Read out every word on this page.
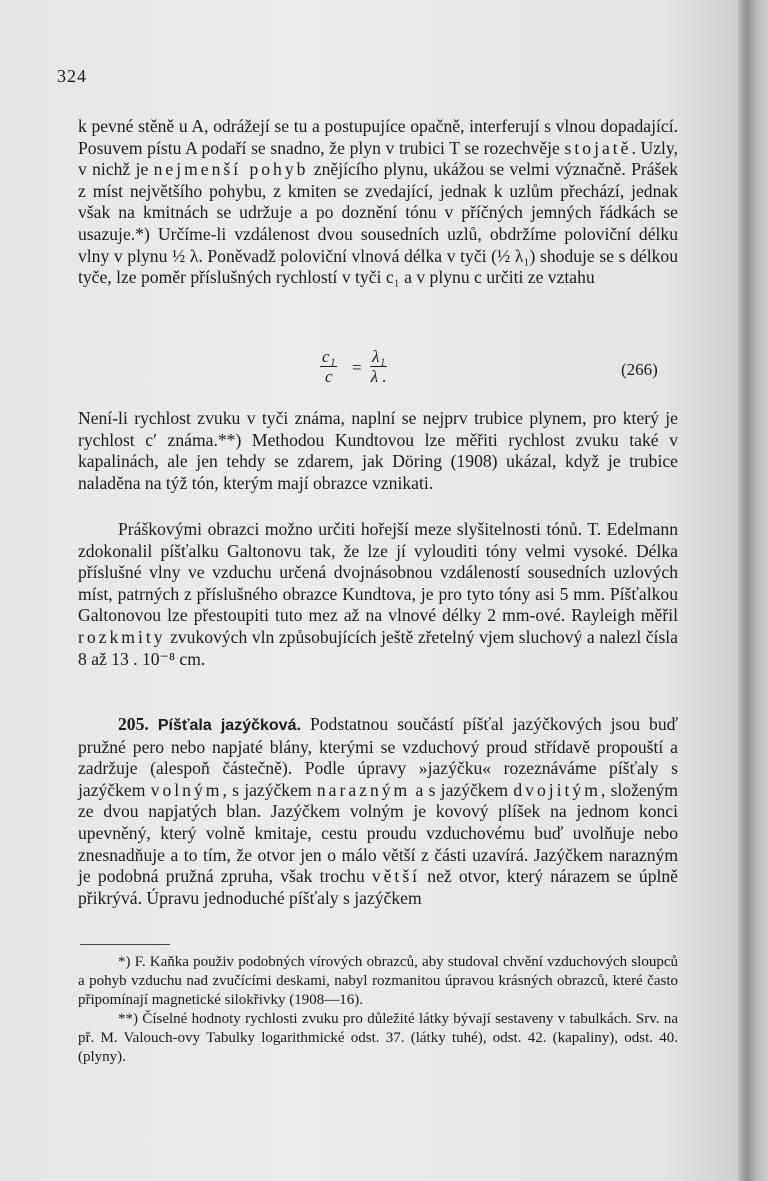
324

k pevné stěně u A, odrážejí se tu a postupujíce opačně, interferují s vlnou dopadající. Posuvem pístu A podaří se snadno, že plyn v trubici T se rozechvěje stojatě. Uzly, v nichž je nejmenší pohyb znějícího plynu, ukážou se velmi význačně. Prášek z míst největšího pohybu, z kmiten se zvedající, jednak k uzlům přechází, jednak však na kmitnách se udržuje a po doznění tónu v příčných jemných řádkách se usazuje.*) Určíme-li vzdálenost dvou sousedních uzlů, obdržíme poloviční délku vlny v plynu ½ λ. Poněvadž poloviční vlnová délka v tyči (½ λ₁) shoduje se s délkou tyče, lze poměr příslušných rychlostí v tyči c₁ a v plynu c určiti ze vztahu

$\frac{\text{c₁}}{c} = \frac{\text{λ₁}}{\lambda .}$	(266)

Není-li rychlost zvuku v tyči známa, naplní se nejprv trubice plynem, pro který je rychlost c′ známa.**) Methodou Kundtovou lze měřiti rychlost zvuku také v kapalinách, ale jen tehdy se zdarem, jak Döring (1908) ukázal, když je trubice naladěna na týž tón, kterým mají obrazce vznikati.

Práškovými obrazci možno určiti hořejší meze slyšitelnosti tónů. T. Edelmann zdokonalil píšťalku Galtonovu tak, že lze jí vylouditi tóny velmi vysoké. Délka příslušné vlny ve vzduchu určená dvojnásobnou vzdáleností sousedních uzlových míst, patrných z příslušného obrazce Kundtova, je pro tyto tóny asi 5 mm. Píšťalkou Galtonovou lze přestoupiti tuto mez až na vlnové délky 2 mm-ové. Rayleigh měřil rozkmity zvukových vln způsobujících ještě zřetelný vjem sluchový a nalezl čísla 8 až 13 . 10⁻⁸ cm.

205. Píšťala jazýčková. Podstatnou součástí píšťal jazýčkových jsou buď pružné pero nebo napjaté blány, kterými se vzduchový proud střídavě propouští a zadržuje (alespoň částečně). Podle úpravy »jazýčku« rozeznáváme píšťaly s jazýčkem volným, s jazýčkem narazným a s jazýčkem dvojitým, složeným ze dvou napjatých blan. Jazýčkem volným je kovový plíšek na jednom konci upevněný, který volně kmitaje, cestu proudu vzduchovému buď uvolňuje nebo znesnadňuje a to tím, že otvor jen o málo větší z části uzavírá. Jazýčkem narazným je podobná pružná zpruha, však trochu větší než otvor, který nárazem se úplně přikrývá. Úpravu jednoduché píšťaly s jazýčkem

*) F. Kaňka použiv podobných vírových obrazců, aby studoval chvění vzduchových sloupců a pohyb vzduchu nad zvučícími deskami, nabyl rozmanitou úpravou krásných obrazců, které často připomínají magnetické silokřivky (1908—16).

**) Číselné hodnoty rychlosti zvuku pro důležité látky bývají sestaveny v tabulkách. Srv. na př. M. Valouch-ovy Tabulky logarithmické odst. 37. (látky tuhé), odst. 42. (kapaliny), odst. 40. (plyny).
